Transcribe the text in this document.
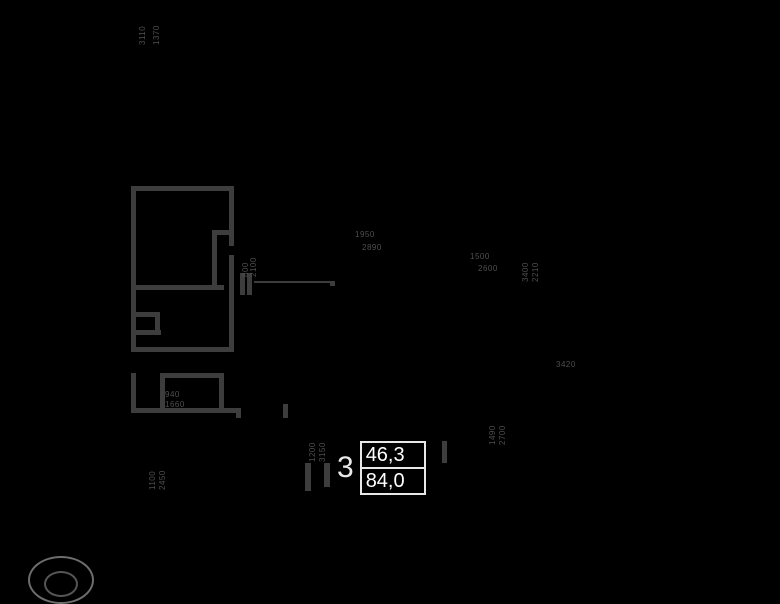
3110 1370
1950
2890
1500
2600	3400 2210
3420
1490 2700
1200 3150
1100 2450
940
1660
800 2100
3 46,3
84,0
